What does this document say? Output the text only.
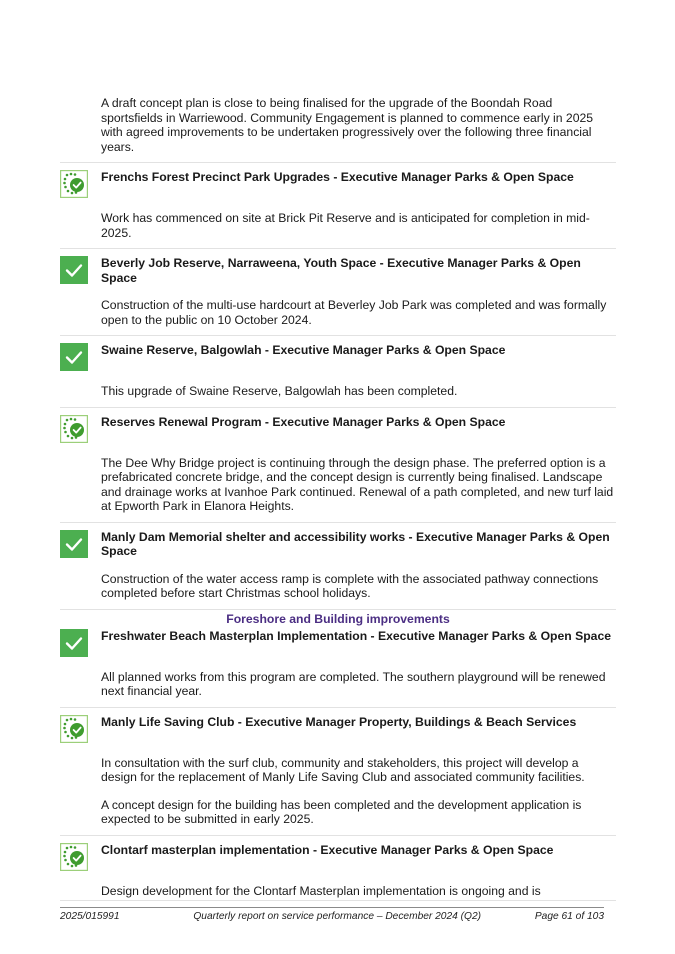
A draft concept plan is close to being finalised for the upgrade of the Boondah Road sportsfields in Warriewood. Community Engagement is planned to commence early in 2025 with agreed improvements to be undertaken progressively over the following three financial years.

Frenchs Forest Precinct Park Upgrades - Executive Manager Parks & Open Space

Work has commenced on site at Brick Pit Reserve and is anticipated for completion in mid-2025.

Beverly Job Reserve, Narraweena, Youth Space - Executive Manager Parks & Open Space

Construction of the multi-use hardcourt at Beverley Job Park was completed and was formally open to the public on 10 October 2024.

Swaine Reserve, Balgowlah - Executive Manager Parks & Open Space

This upgrade of Swaine Reserve, Balgowlah has been completed.

Reserves Renewal Program - Executive Manager Parks & Open Space

The Dee Why Bridge project is continuing through the design phase. The preferred option is a prefabricated concrete bridge, and the concept design is currently being finalised. Landscape and drainage works at Ivanhoe Park continued. Renewal of a path completed, and new turf laid at Epworth Park in Elanora Heights.

Manly Dam Memorial shelter and accessibility works - Executive Manager Parks & Open Space

Construction of the water access ramp is complete with the associated pathway connections completed before start Christmas school holidays.

Foreshore and Building improvements
Freshwater Beach Masterplan Implementation - Executive Manager Parks & Open Space

All planned works from this program are completed. The southern playground will be renewed next financial year.

Manly Life Saving Club - Executive Manager Property, Buildings & Beach Services

In consultation with the surf club, community and stakeholders, this project will develop a design for the replacement of Manly Life Saving Club and associated community facilities.

A concept design for the building has been completed and the development application is expected to be submitted in early 2025.

Clontarf masterplan implementation - Executive Manager Parks & Open Space

Design development for the Clontarf Masterplan implementation is ongoing and is

2025/015991	Quarterly report on service performance – December 2024 (Q2)	Page 61 of 103
